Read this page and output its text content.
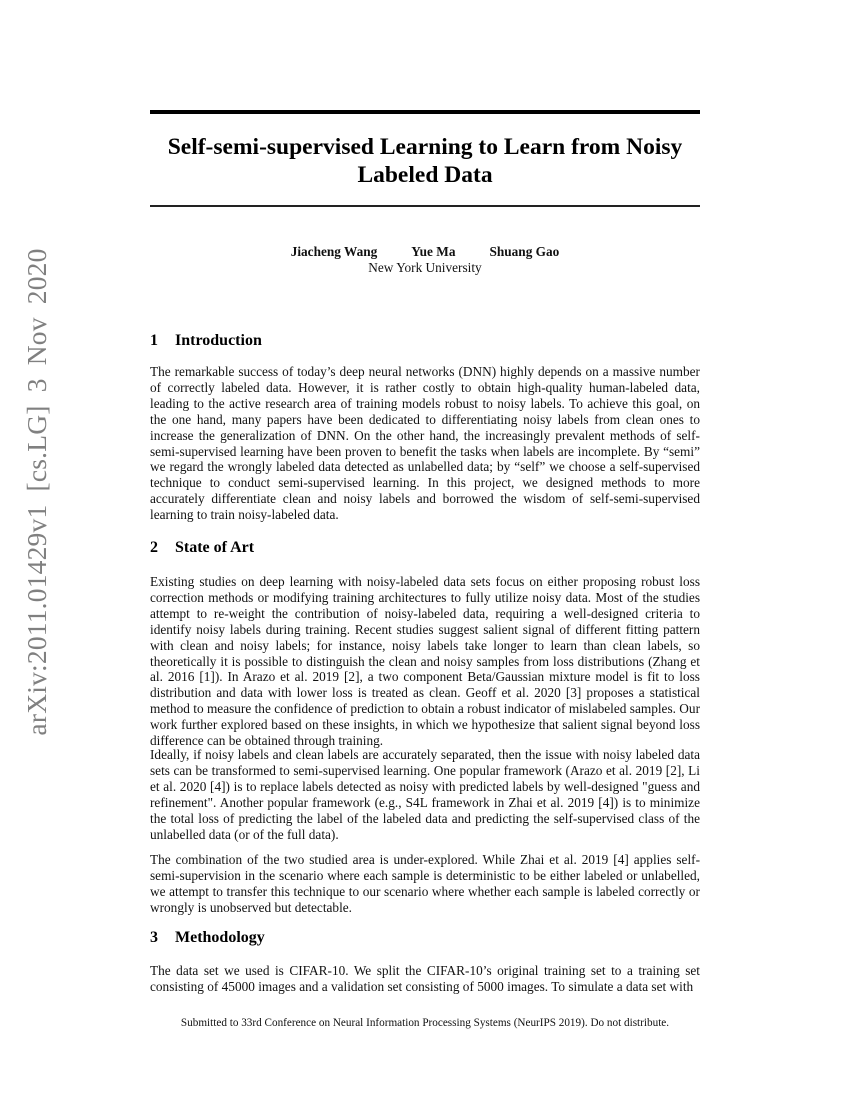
arXiv:2011.01429v1 [cs.LG] 3 Nov 2020
Self-semi-supervised Learning to Learn from Noisy
Labeled Data
Jiacheng Wang	Yue Ma	Shuang Gao
New York University
1 Introduction

The remarkable success of today’s deep neural networks (DNN) highly depends on a massive number of correctly labeled data. However, it is rather costly to obtain high-quality human-labeled data, leading to the active research area of training models robust to noisy labels. To achieve this goal, on the one hand, many papers have been dedicated to differentiating noisy labels from clean ones to increase the generalization of DNN. On the other hand, the increasingly prevalent methods of self-semi-supervised learning have been proven to benefit the tasks when labels are incomplete. By “semi” we regard the wrongly labeled data detected as unlabelled data; by “self” we choose a self-supervised technique to conduct semi-supervised learning. In this project, we designed methods to more accurately differentiate clean and noisy labels and borrowed the wisdom of self-semi-supervised learning to train noisy-labeled data.

2 State of Art

Existing studies on deep learning with noisy-labeled data sets focus on either proposing robust loss correction methods or modifying training architectures to fully utilize noisy data. Most of the studies attempt to re-weight the contribution of noisy-labeled data, requiring a well-designed criteria to identify noisy labels during training. Recent studies suggest salient signal of different fitting pattern with clean and noisy labels; for instance, noisy labels take longer to learn than clean labels, so theoretically it is possible to distinguish the clean and noisy samples from loss distributions (Zhang et al. 2016 [1]). In Arazo et al. 2019 [2], a two component Beta/Gaussian mixture model is fit to loss distribution and data with lower loss is treated as clean. Geoff et al. 2020 [3] proposes a statistical method to measure the confidence of prediction to obtain a robust indicator of mislabeled samples. Our work further explored based on these insights, in which we hypothesize that salient signal beyond loss difference can be obtained through training.

Ideally, if noisy labels and clean labels are accurately separated, then the issue with noisy labeled data sets can be transformed to semi-supervised learning. One popular framework (Arazo et al. 2019 [2], Li et al. 2020 [4]) is to replace labels detected as noisy with predicted labels by well-designed "guess and refinement". Another popular framework (e.g., S4L framework in Zhai et al. 2019 [4]) is to minimize the total loss of predicting the label of the labeled data and predicting the self-supervised class of the unlabelled data (or of the full data).

The combination of the two studied area is under-explored. While Zhai et al. 2019 [4] applies self-semi-supervision in the scenario where each sample is deterministic to be either labeled or unlabelled, we attempt to transfer this technique to our scenario where whether each sample is labeled correctly or wrongly is unobserved but detectable.

3 Methodology

The data set we used is CIFAR-10. We split the CIFAR-10’s original training set to a training set consisting of 45000 images and a validation set consisting of 5000 images. To simulate a data set with

Submitted to 33rd Conference on Neural Information Processing Systems (NeurIPS 2019). Do not distribute.
